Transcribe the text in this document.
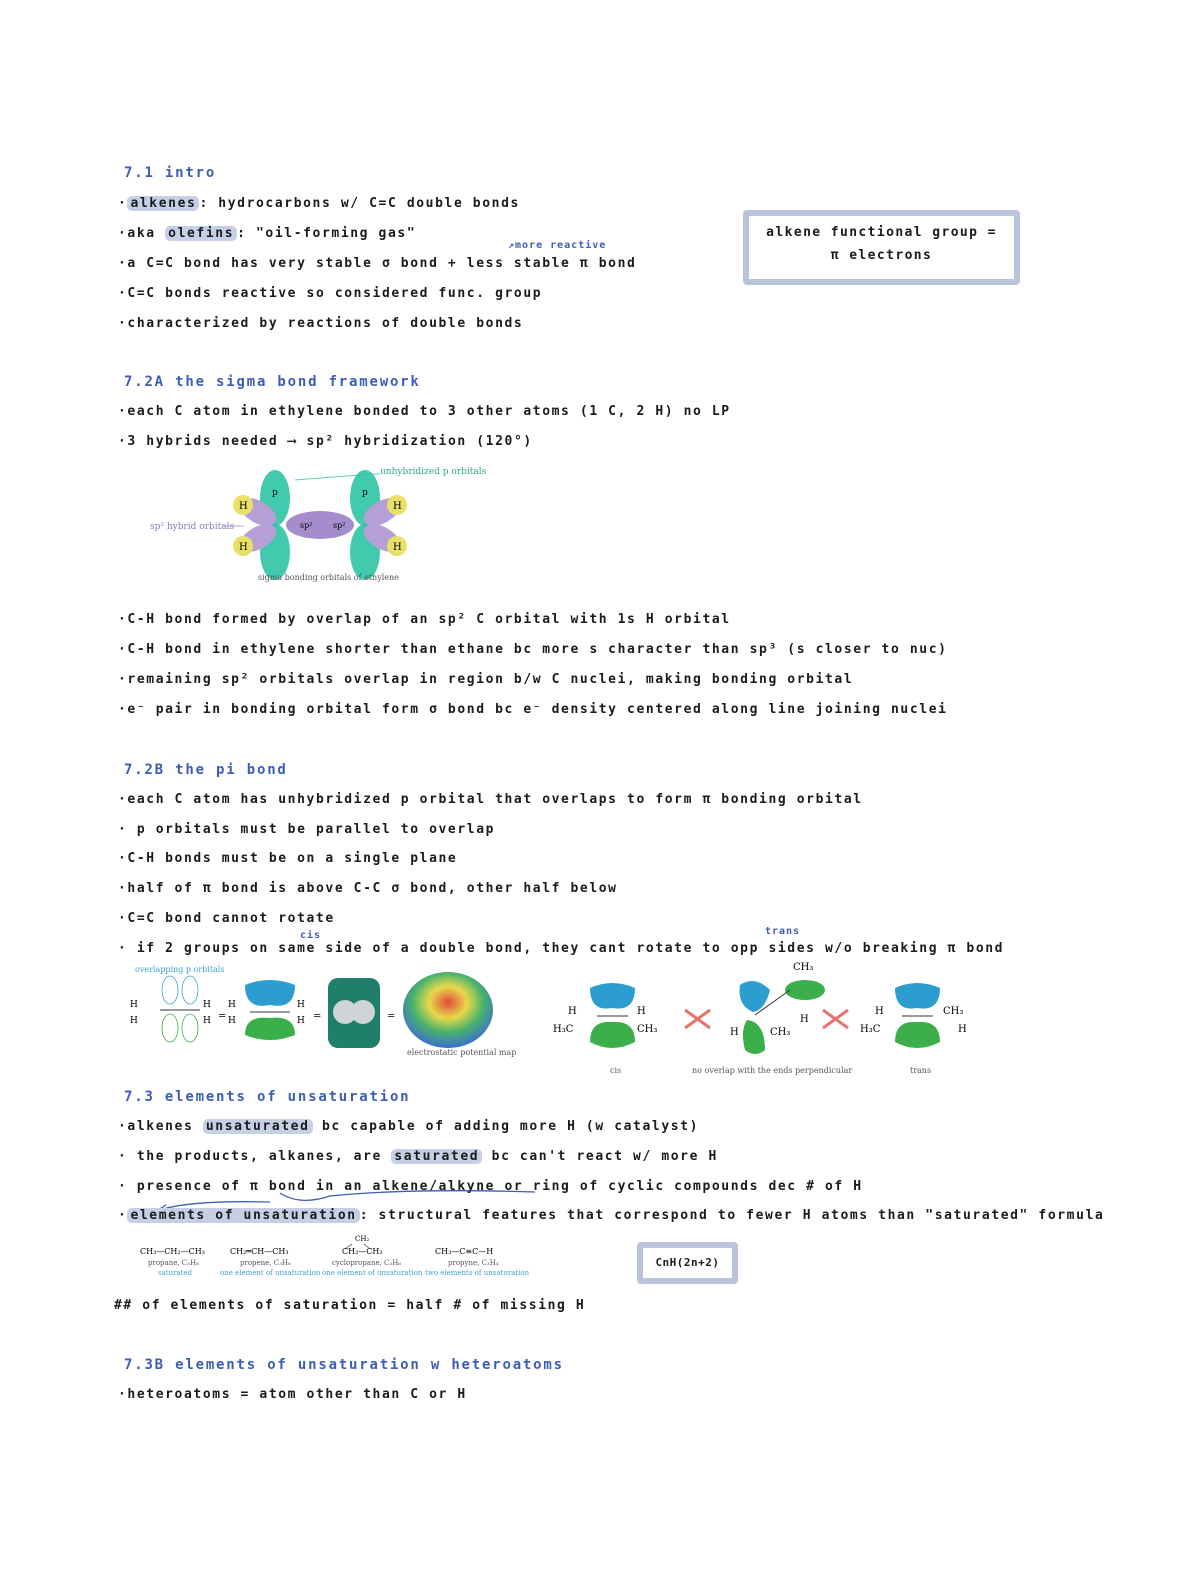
7.1 intro
· alkenes : hydrocarbons w/ C=C double bonds
·aka olefins : "oil-forming gas"
↗more reactive
·a C=C bond has very stable σ bond + less stable π bond
·C=C bonds reactive so considered func. group
·characterized by reactions of double bonds
alkene functional group =
π electrons
7.2A the sigma bond framework
·each C atom in ethylene bonded to 3 other atoms (1 C, 2 H) no LP
·3 hybrids needed ⟶ sp² hybridization (120°)
H
H
H
H
p	p
sp²	sp²
unhybridized p orbitals
sp² hybrid orbitals
sigma bonding orbitals of ethylene
·C-H bond formed by overlap of an sp² C orbital with 1s H orbital
·C-H bond in ethylene shorter than ethane bc more s character than sp³ (s closer to nuc)
·remaining sp² orbitals overlap in region b/w C nuclei, making bonding orbital
·e⁻ pair in bonding orbital form σ bond bc e⁻ density centered along line joining nuclei
7.2B the pi bond
·each C atom has unhybridized p orbital that overlaps to form π bonding orbital
· p orbitals must be parallel to overlap
·C-H bonds must be on a single plane
·half of π bond is above C-C σ bond, other half below
·C=C bond cannot rotate
cis	trans
· if 2 groups on same side of a double bond, they cant rotate to opp sides w/o breaking π bond
overlapping p orbitals
H
H
H
H =
H
H
H
H =	=
electrostatic potential map
H	H
H₃C	CH₃
cis
CH₃
H	CH₃
H
no overlap with the ends perpendicular
H	CH₃
H₃C	H
trans
7.3 elements of unsaturation
·alkenes unsaturated bc capable of adding more H (w catalyst)
· the products, alkanes, are saturated bc can't react w/ more H
· presence of π bond in an alkene/alkyne or ring of cyclic compounds dec # of H
· elements of unsaturation : structural features that correspond to fewer H atoms than "saturated" formula
CH₃—CH₂—CH₃
propane, C₃H₈
saturated
CH₂═CH—CH₃
propene, C₃H₆
one element of unsaturation
CH₂
CH₂—CH₂
cyclopropane, C₃H₆
one element of unsaturation
CH₃—C≡C—H
propyne, C₃H₄
two elements of unsaturation
CnH(2n+2)
## of elements of saturation = half # of missing H
7.3B elements of unsaturation w heteroatoms
·heteroatoms = atom other than C or H
